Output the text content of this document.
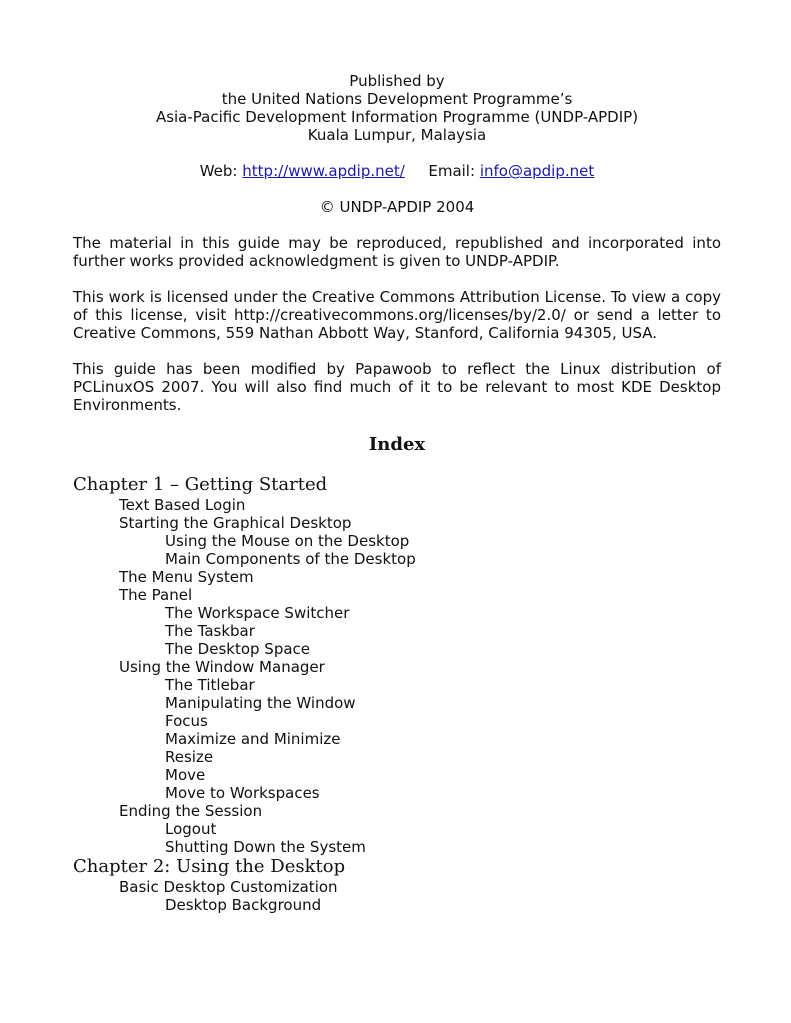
Published by
the United Nations Development Programme’s
Asia-Pacific Development Information Programme (UNDP-APDIP)
Kuala Lumpur, Malaysia
Web: http://www.apdip.net/ Email: info@apdip.net
© UNDP-APDIP 2004
The material in this guide may be reproduced, republished and incorporated into further works provided acknowledgment is given to UNDP-APDIP.
This work is licensed under the Creative Commons Attribution License. To view a copy of this license, visit http://creativecommons.org/licenses/by/2.0/ or send a letter to Creative Commons, 559 Nathan Abbott Way, Stanford, California 94305, USA.
This guide has been modified by Papawoob to reflect the Linux distribution of PCLinuxOS 2007. You will also find much of it to be relevant to most KDE Desktop Environments.
Index
Chapter 1 – Getting Started
Text Based Login
Starting the Graphical Desktop
Using the Mouse on the Desktop
Main Components of the Desktop
The Menu System
The Panel
The Workspace Switcher
The Taskbar
The Desktop Space
Using the Window Manager
The Titlebar
Manipulating the Window
Focus
Maximize and Minimize
Resize
Move
Move to Workspaces
Ending the Session
Logout
Shutting Down the System
Chapter 2: Using the Desktop
Basic Desktop Customization
Desktop Background
